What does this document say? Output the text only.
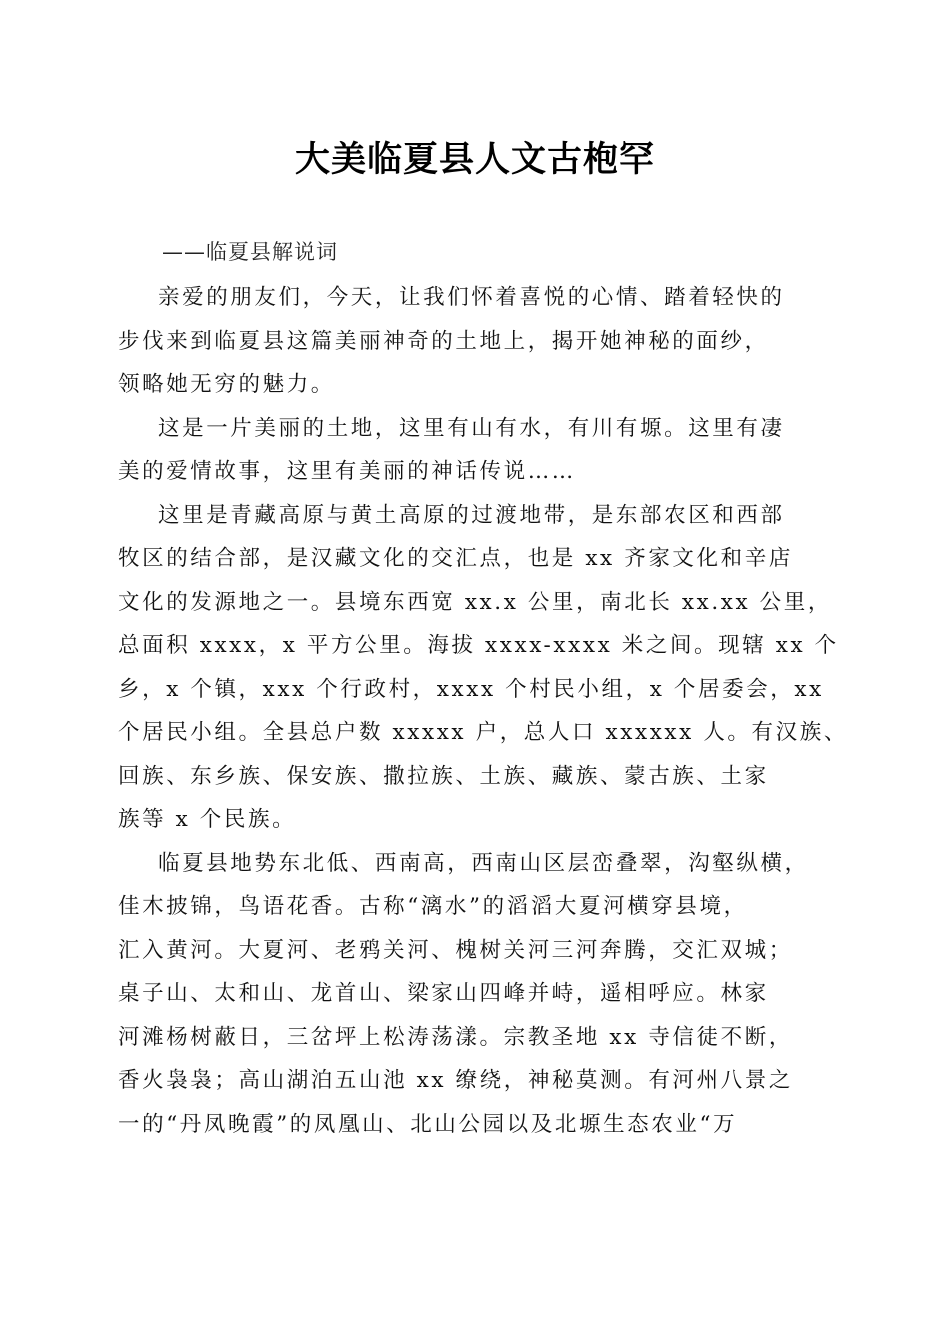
大美临夏县人文古枹罕
——临夏县解说词
亲爱的朋友们，今天，让我们怀着喜悦的心情、踏着轻快的
步伐来到临夏县这篇美丽神奇的土地上，揭开她神秘的面纱，
领略她无穷的魅力。
这是一片美丽的土地，这里有山有水，有川有塬。这里有凄
美的爱情故事，这里有美丽的神话传说……
这里是青藏高原与黄土高原的过渡地带，是东部农区和西部
牧区的结合部，是汉藏文化的交汇点，也是 xx 齐家文化和辛店
文化的发源地之一。县境东西宽 xx.x 公里，南北长 xx.xx 公里，
总面积 xxxx，x 平方公里。海拔 xxxx-xxxx 米之间。现辖 xx 个
乡，x 个镇，xxx 个行政村，xxxx 个村民小组，x 个居委会，xx
个居民小组。全县总户数 xxxxx 户，总人口 xxxxxx 人。有汉族、
回族、东乡族、保安族、撒拉族、土族、藏族、蒙古族、土家
族等 x 个民族。
临夏县地势东北低、西南高，西南山区层峦叠翠，沟壑纵横，
佳木披锦，鸟语花香。古称“漓水”的滔滔大夏河横穿县境，
汇入黄河。大夏河、老鸦关河、槐树关河三河奔腾，交汇双城；
桌子山、太和山、龙首山、梁家山四峰并峙，遥相呼应。林家
河滩杨树蔽日，三岔坪上松涛荡漾。宗教圣地 xx 寺信徒不断，
香火袅袅；高山湖泊五山池 xx 缭绕，神秘莫测。有河州八景之
一的“丹凤晚霞”的凤凰山、北山公园以及北塬生态农业“万
